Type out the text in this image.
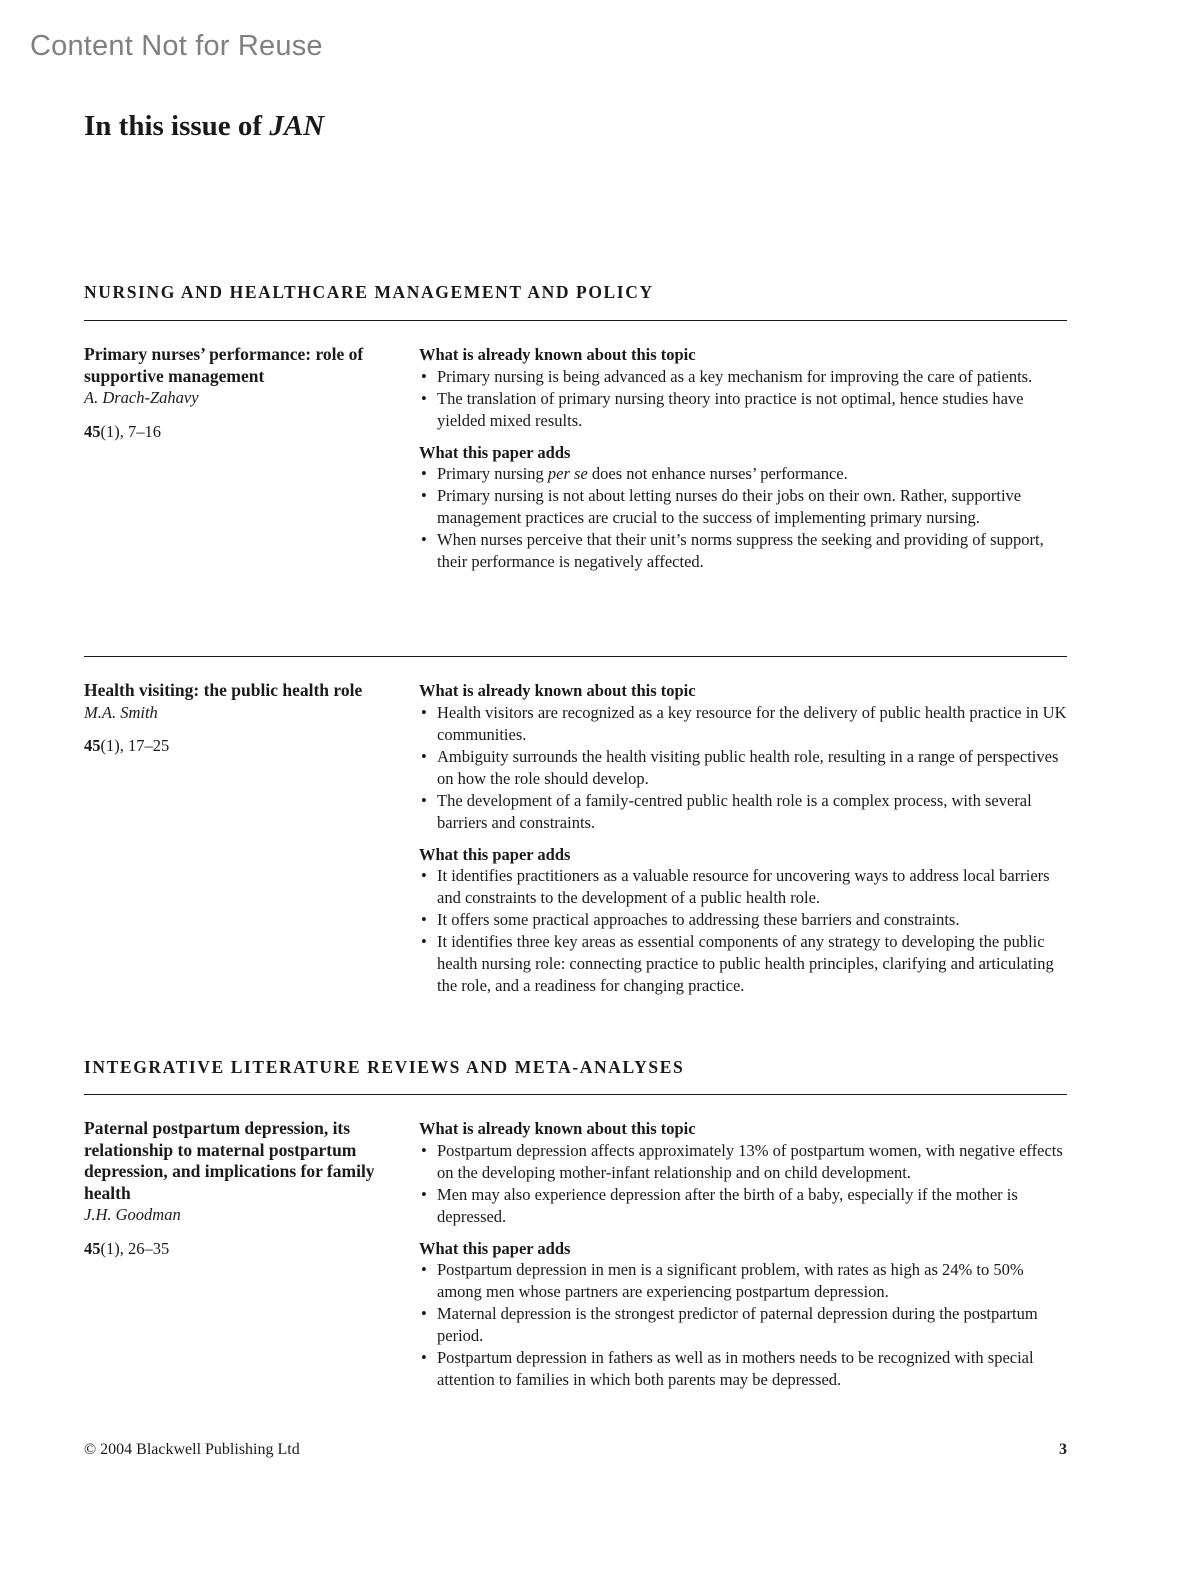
Content Not for Reuse
In this issue of JAN
NURSING AND HEALTHCARE MANAGEMENT AND POLICY

Primary nurses’ performance: role of supportive management

A. Drach-Zahavy

45(1), 7–16

What is already known about this topic

• Primary nursing is being advanced as a key mechanism for improving the care of patients.
• The translation of primary nursing theory into practice is not optimal, hence studies have yielded mixed results.

What this paper adds

• Primary nursing per se does not enhance nurses’ performance.
• Primary nursing is not about letting nurses do their jobs on their own. Rather, supportive management practices are crucial to the success of implementing primary nursing.
• When nurses perceive that their unit’s norms suppress the seeking and providing of support, their performance is negatively affected.

Health visiting: the public health role

M.A. Smith

45(1), 17–25

What is already known about this topic

• Health visitors are recognized as a key resource for the delivery of public health practice in UK communities.
• Ambiguity surrounds the health visiting public health role, resulting in a range of perspectives on how the role should develop.
• The development of a family-centred public health role is a complex process, with several barriers and constraints.

What this paper adds

• It identifies practitioners as a valuable resource for uncovering ways to address local barriers and constraints to the development of a public health role.
• It offers some practical approaches to addressing these barriers and constraints.
• It identifies three key areas as essential components of any strategy to developing the public health nursing role: connecting practice to public health principles, clarifying and articulating the role, and a readiness for changing practice.
INTEGRATIVE LITERATURE REVIEWS AND META-ANALYSES

Paternal postpartum depression, its relationship to maternal postpartum depression, and implications for family health

J.H. Goodman

45(1), 26–35

What is already known about this topic

• Postpartum depression affects approximately 13% of postpartum women, with negative effects on the developing mother-infant relationship and on child development.
• Men may also experience depression after the birth of a baby, especially if the mother is depressed.

What this paper adds

• Postpartum depression in men is a significant problem, with rates as high as 24% to 50% among men whose partners are experiencing postpartum depression.
• Maternal depression is the strongest predictor of paternal depression during the postpartum period.
• Postpartum depression in fathers as well as in mothers needs to be recognized with special attention to families in which both parents may be depressed.

© 2004 Blackwell Publishing Ltd	3
